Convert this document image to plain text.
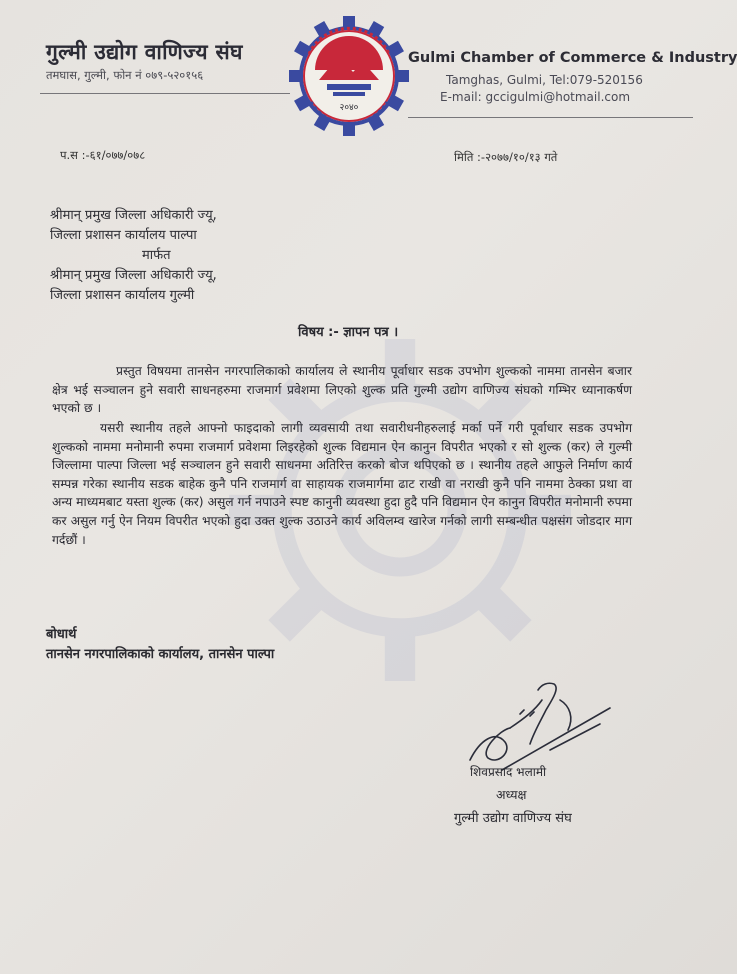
गुल्मी उद्योग वाणिज्य संघ
तमघास, गुल्मी, फोन नं ०७९-५२०१५६
२०४०
Gulmi Chamber of Commerce & Industry
Tamghas, Gulmi, Tel:079-520156
E-mail: gccigulmi@hotmail.com
प.स :-६१/०७७/०७८	मिति :-२०७७/१०/१३ गते
श्रीमान् प्रमुख जिल्ला अधिकारी ज्यू,
जिल्ला प्रशासन कार्यालय पाल्पा
मार्फत
श्रीमान् प्रमुख जिल्ला अधिकारी ज्यू,
जिल्ला प्रशासन कार्यालय गुल्मी
विषय :- ज्ञापन पत्र ।
प्रस्तुत विषयमा तानसेन नगरपालिकाको कार्यालय ले स्थानीय पूर्वाधार सडक उपभोग शुल्कको नाममा तानसेन बजार क्षेत्र भई सञ्चालन हुने सवारी साधनहरुमा राजमार्ग प्रवेशमा लिएको शुल्क प्रति गुल्मी उद्योग वाणिज्य संघको गम्भिर ध्यानाकर्षण भएको छ ।
यसरी स्थानीय तहले आफ्नो फाइदाको लागी व्यवसायी तथा सवारीधनीहरुलाई मर्का पर्ने गरी पूर्वाधार सडक उपभोग शुल्कको नाममा मनोमानी रुपमा राजमार्ग प्रवेशमा लिइरहेको शुल्क विद्यमान ऐन कानुन विपरीत भएको र सो शुल्क (कर) ले गुल्मी जिल्लामा पाल्पा जिल्ला भई सञ्चालन हुने सवारी साधनमा अतिरित्त करको बोज थपिएको छ । स्थानीय तहले आफुले निर्माण कार्य सम्पन्न गरेका स्थानीय सडक बाहेक कुनै पनि राजमार्ग वा साहायक राजमार्गमा ढाट राखी वा नराखी कुनै पनि नाममा ठेक्का प्रथा वा अन्य माध्यमबाट यस्ता शुल्क (कर) असुल गर्न नपाउने स्पष्ट कानुनी व्यवस्था हुदा हुदै पनि विद्यमान ऐन कानुन विपरीत मनोमानी रुपमा कर असुल गर्नु ऐन नियम विपरीत भएको हुदा उक्त शुल्क उठाउने कार्य अविलम्व खारेज गर्नको लागी सम्बन्धीत पक्षसंग जोडदार माग गर्दछौं ।
बोधार्थ
तानसेन नगरपालिकाको कार्यालय, तानसेन पाल्पा
शिवप्रसाद भलामी
अध्यक्ष
गुल्मी उद्योग वाणिज्य संघ
